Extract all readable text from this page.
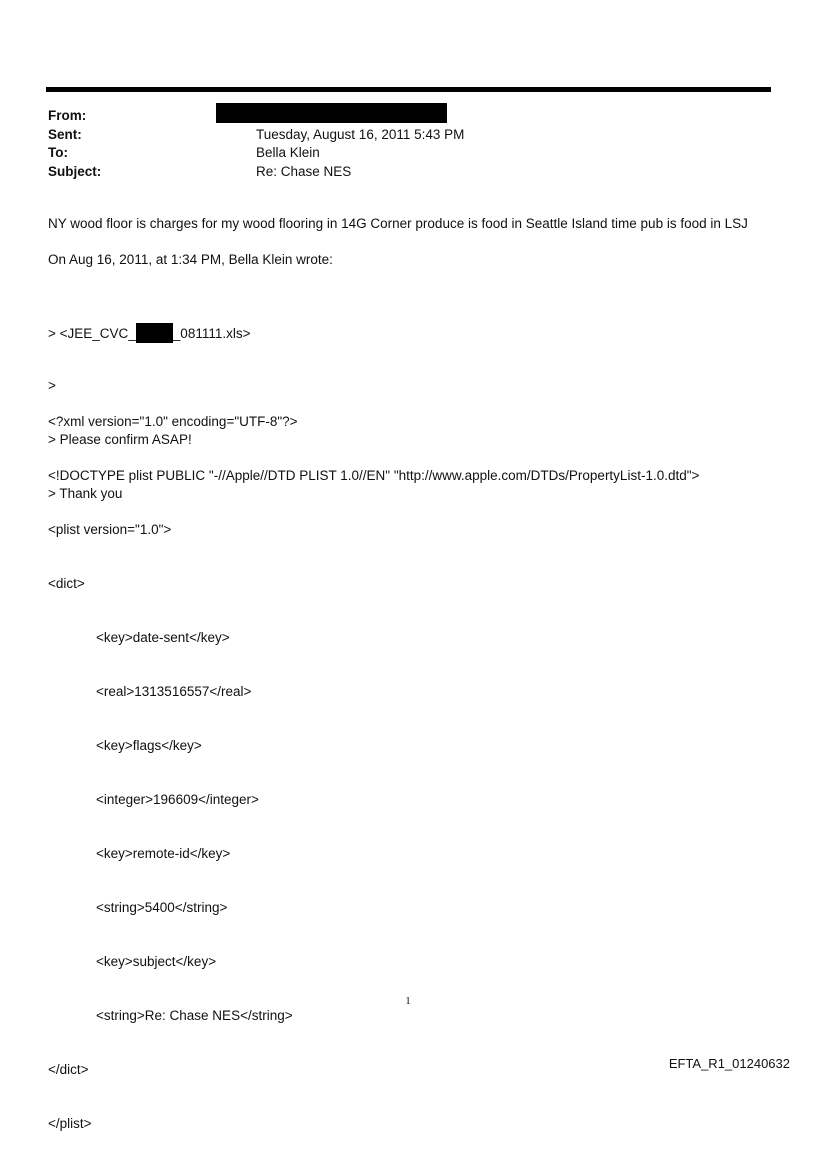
From:
Sent:	Tuesday, August 16, 2011 5:43 PM
To:	Bella Klein
Subject:	Re: Chase NES
NY wood floor is charges for my wood flooring in 14G Corner produce is food in Seattle Island time pub is food in LSJ
On Aug 16, 2011, at 1:34 PM, Bella Klein wrote:

> <JEE_CVC_	_081111.xls>

>

> Please confirm ASAP!

> Thank you

<?xml version="1.0" encoding="UTF-8"?>

<!DOCTYPE plist PUBLIC "-//Apple//DTD PLIST 1.0//EN" "http://www.apple.com/DTDs/PropertyList-1.0.dtd">

<plist version="1.0">

<dict>

<key>date-sent</key>

<real>1313516557</real>

<key>flags</key>

<integer>196609</integer>

<key>remote-id</key>

<string>5400</string>

<key>subject</key>

<string>Re: Chase NES</string>

</dict>

</plist>

1
EFTA_R1_01240632
